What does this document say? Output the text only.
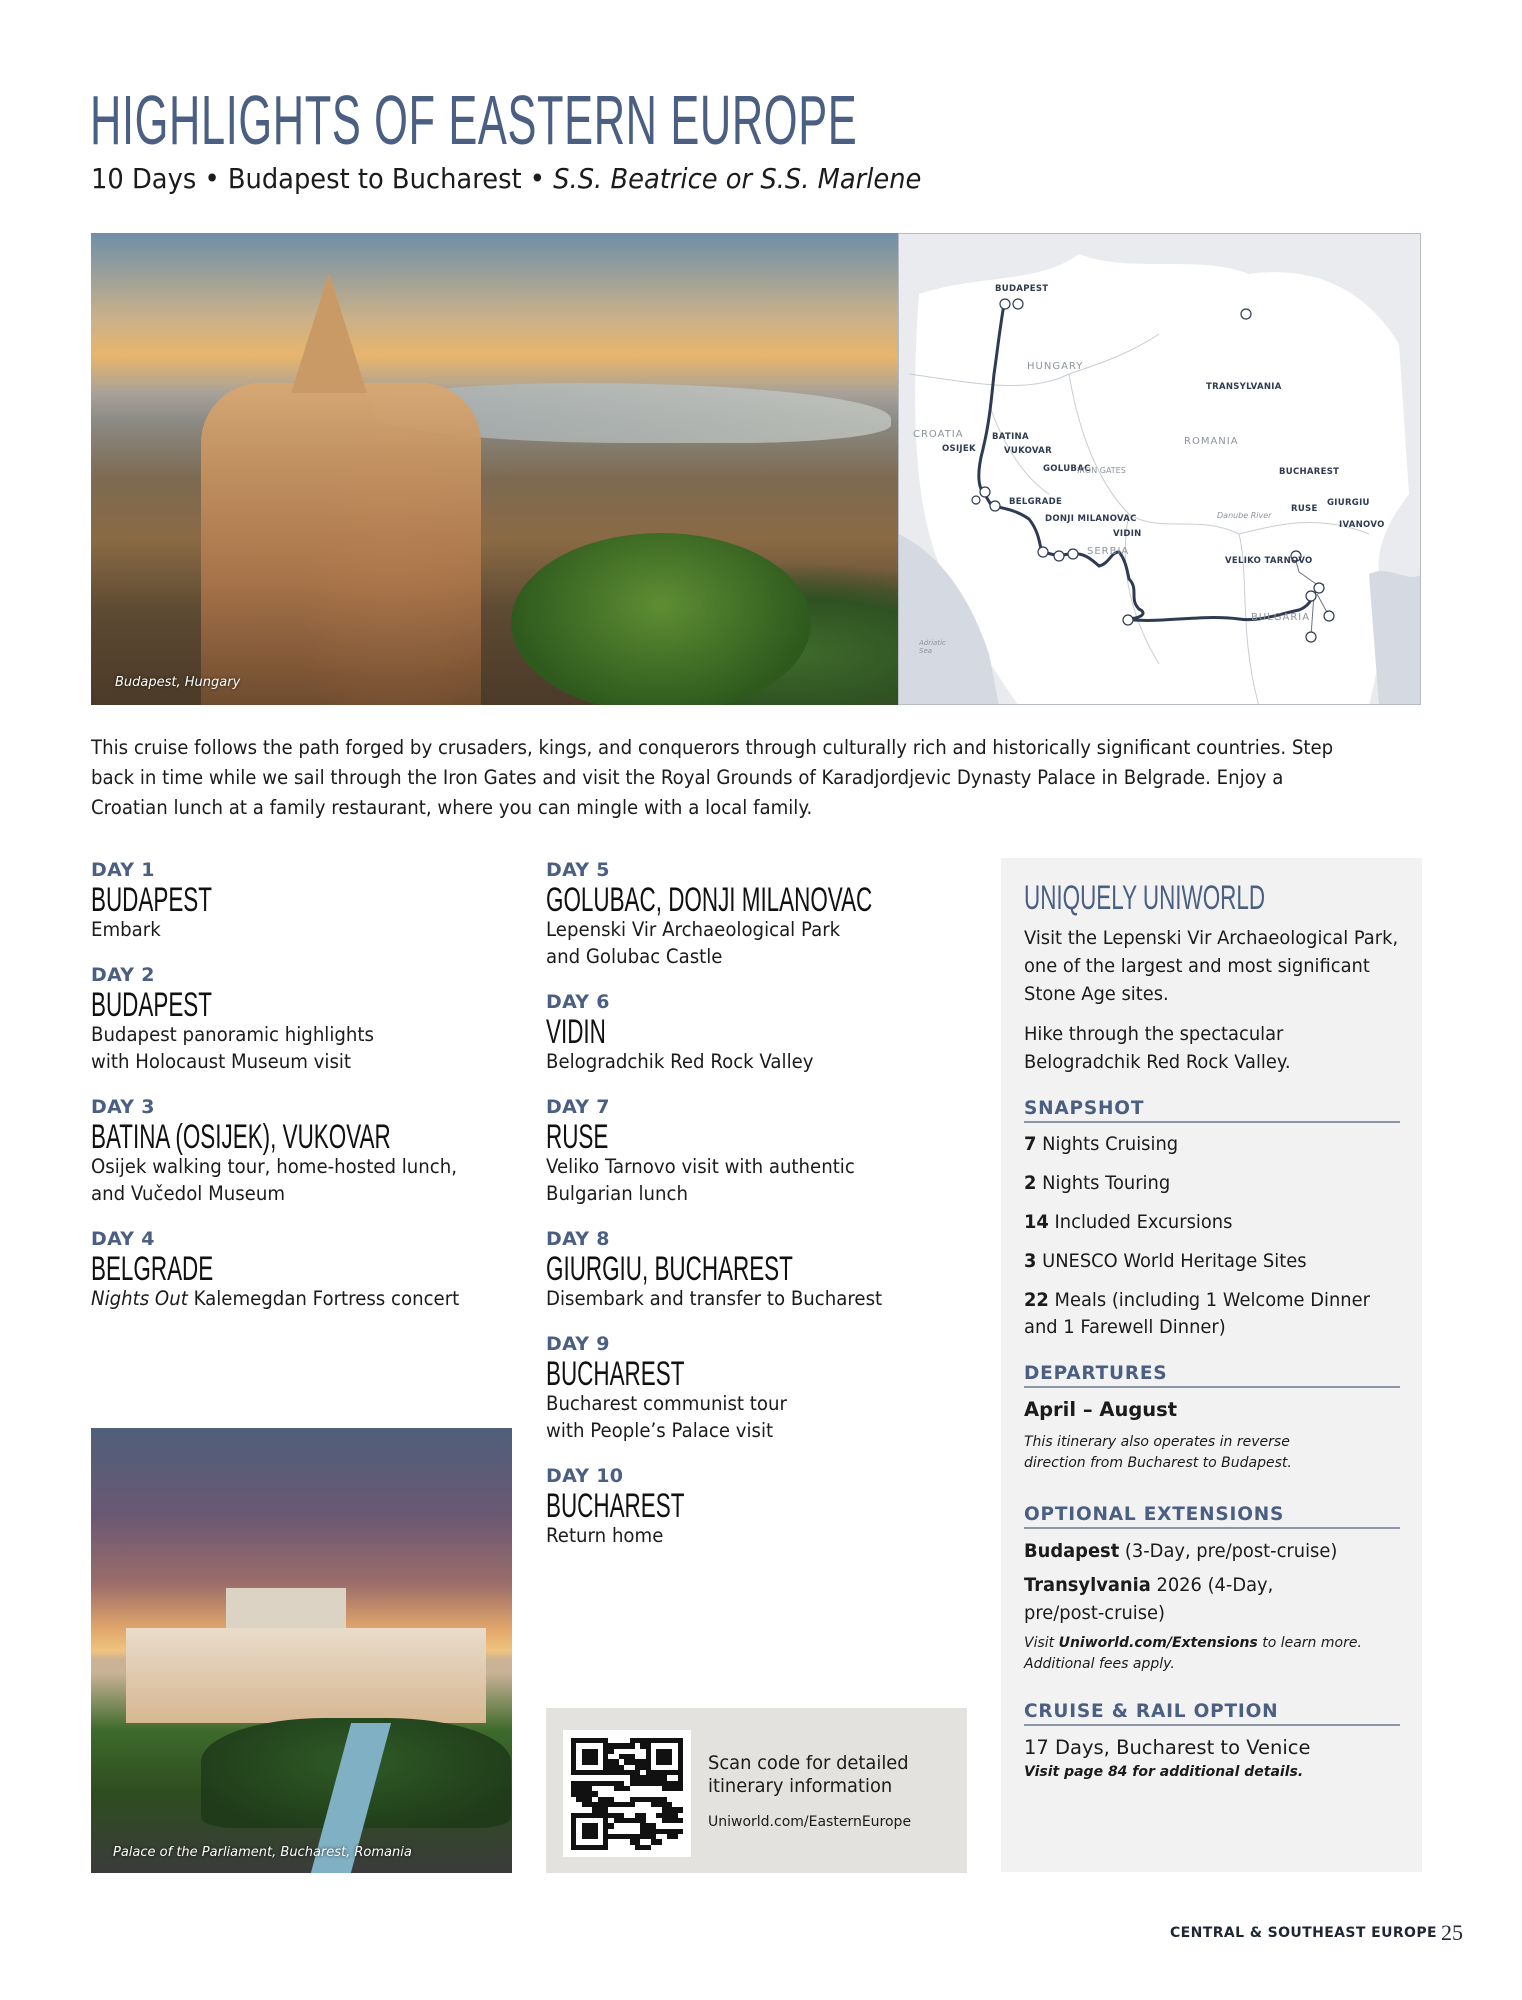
HIGHLIGHTS OF EASTERN EUROPE
10 Days • Budapest to Bucharest • S.S. Beatrice or S.S. Marlene
Budapest, Hungary
BUDAPEST
HUNGARY
TRANSYLVANIA
CROATIA	BATINA
OSIJEK	VUKOVAR
ROMANIA
GOLUBAC
IRON GATES	BUCHAREST
BELGRADE
DONJI MILANOVAC
RUSE
GIURGIU
Danube River
IVANOVO
VIDIN
SERBIA
VELIKO TARNOVO
BULGARIA
Adriatic Sea

This cruise follows the path forged by crusaders, kings, and conquerors through culturally rich and historically significant countries. Step back in time while we sail through the Iron Gates and visit the Royal Grounds of Karadjordjevic Dynasty Palace in Belgrade. Enjoy a Croatian lunch at a family restaurant, where you can mingle with a local family.

DAY 1
BUDAPEST
Embark
DAY 2
BUDAPEST
Budapest panoramic highlights with Holocaust Museum visit
DAY 3
BATINA (OSIJEK), VUKOVAR
Osijek walking tour, home-hosted lunch, and Vučedol Museum
DAY 4
BELGRADE
Nights Out Kalemegdan Fortress concert
DAY 5
GOLUBAC, DONJI MILANOVAC
Lepenski Vir Archaeological Park and Golubac Castle
DAY 6
VIDIN
Belogradchik Red Rock Valley
DAY 7
RUSE
Veliko Tarnovo visit with authentic Bulgarian lunch
DAY 8
GIURGIU, BUCHAREST
Disembark and transfer to Bucharest
DAY 9
BUCHAREST
Bucharest communist tour with People’s Palace visit
DAY 10
BUCHAREST
Return home
UNIQUELY UNIWORLD

Visit the Lepenski Vir Archaeological Park, one of the largest and most significant Stone Age sites.

Hike through the spectacular Belogradchik Red Rock Valley.

SNAPSHOT
7 Nights Cruising
2 Nights Touring
14 Included Excursions
3 UNESCO World Heritage Sites
22 Meals (including 1 Welcome Dinner and 1 Farewell Dinner)
DEPARTURES
April – August

This itinerary also operates in reverse direction from Bucharest to Budapest.

OPTIONAL EXTENSIONS
Budapest (3-Day, pre/post-cruise)
Transylvania 2026 (4-Day, pre/post-cruise)

Visit Uniworld.com/Extensions to learn more.
Additional fees apply.

CRUISE & RAIL OPTION
17 Days, Bucharest to Venice
Visit page 84 for additional details.
Palace of the Parliament, Bucharest, Romania
Scan code for detailed itinerary information
Uniworld.com/EasternEurope
CENTRAL & SOUTHEAST EUROPE 25
